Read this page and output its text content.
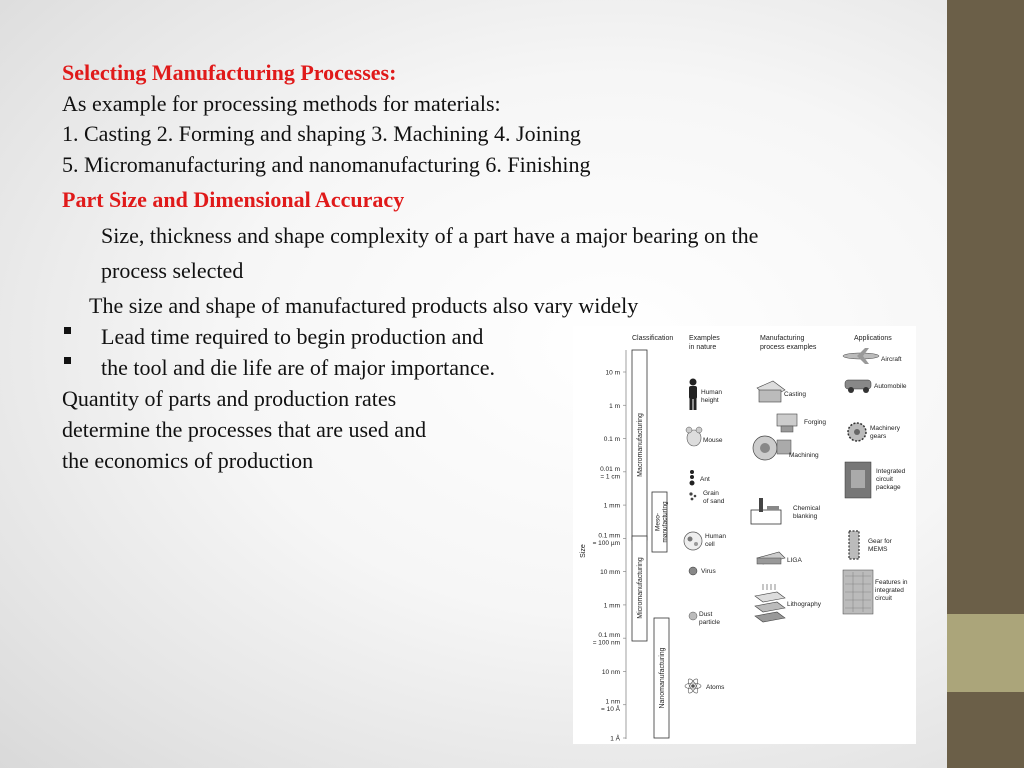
Selecting Manufacturing Processes:
As example for processing methods for materials:
1. Casting 2. Forming and shaping 3. Machining 4. Joining
5. Micromanufacturing and nanomanufacturing 6. Finishing
Part Size and Dimensional Accuracy
Size, thickness and shape complexity of a part have a major bearing on the
process selected
The size and shape of manufactured products also vary widely
Lead time required to begin production and
the tool and die life are of major importance.
Quantity of parts and production rates
determine the processes that are used and
the economics of production
Classification Examples
in nature
Manufacturing
process examples
Applications
Size
10 m
1 m
0.1 m
0.01 m
= 1 cm
1 mm
0.1 mm
= 100 µm
10 mm
1 mm
0.1 mm
= 100 nm
10 nm
1 nm
= 10 Å
1 Å
Macromanufacturing
Meso- manufacturing
Micromanufacturing
Nanomanufacturing
Human
height
Mouse
Ant
Grain
of sand
Human
cell
Virus
Dust
particle
Atoms
Casting
Forging
Machining
Chemical
blanking
LIGA
Lithography
Aircraft
Automobile
Machinery
gears
Integrated
circuit
package
Gear for
MEMS
Features in
integrated
circuit
